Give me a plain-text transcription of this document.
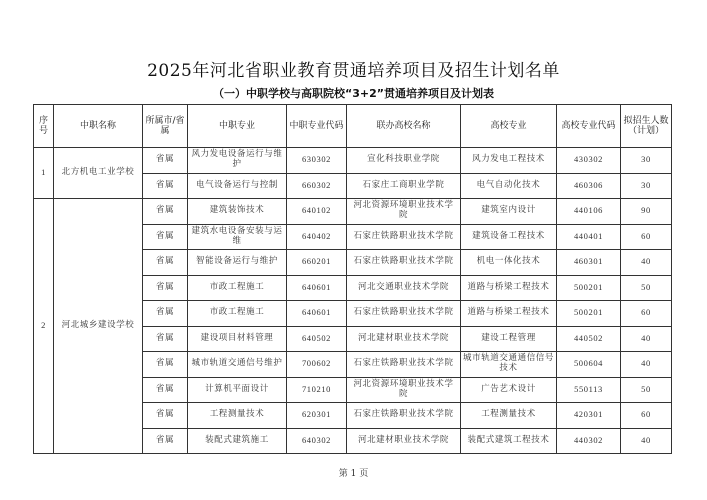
2025年河北省职业教育贯通培养项目及招生计划名单
（一）中职学校与高职院校“3+2”贯通培养项目及计划表
序号	中职名称	所属市/省属	中职专业	中职专业代码	联办高校名称	高校专业	高校专业代码	拟招生人数（计划）
1	北方机电工业学校	省属	风力发电设备运行与维护	630302	宣化科技职业学院	风力发电工程技术	430302	30
		省属	电气设备运行与控制	660302	石家庄工商职业学院	电气自动化技术	460306	30
2	河北城乡建设学校	省属	建筑装饰技术	640102	河北资源环境职业技术学院	建筑室内设计	440106	90
		省属	建筑水电设备安装与运维	640402	石家庄铁路职业技术学院	建筑设备工程技术	440401	60
		省属	智能设备运行与维护	660201	石家庄铁路职业技术学院	机电一体化技术	460301	40
		省属	市政工程施工	640601	河北交通职业技术学院	道路与桥梁工程技术	500201	50
		省属	市政工程施工	640601	石家庄铁路职业技术学院	道路与桥梁工程技术	500201	60
		省属	建设项目材料管理	640502	河北建材职业技术学院	建设工程管理	440502	40
		省属	城市轨道交通信号维护	700602	石家庄铁路职业技术学院	城市轨道交通通信信号技术	500604	40
		省属	计算机平面设计	710210	河北资源环境职业技术学院	广告艺术设计	550113	50
		省属	工程测量技术	620301	石家庄铁路职业技术学院	工程测量技术	420301	60
		省属	装配式建筑施工	640302	河北建材职业技术学院	装配式建筑工程技术	440302	40
第 1 页
